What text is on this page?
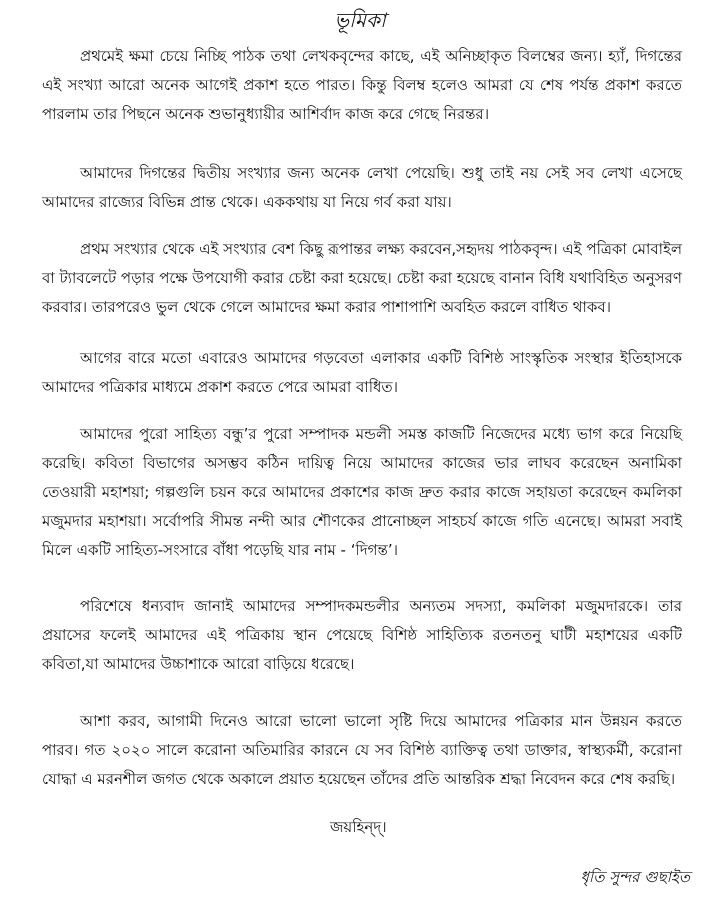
ভূমিকা

প্রথমেই ক্ষমা চেয়ে নিচ্ছি পাঠক তথা লেখকবৃন্দের কাছে, এই অনিচ্ছাকৃত বিলম্বের জন্য। হ্যাঁ, দিগন্তের এই সংখ্যা আরো অনেক আগেই প্রকাশ হতে পারত। কিন্তু বিলম্ব হলেও আমরা যে শেষ পর্যন্ত প্রকাশ করতে পারলাম তার পিছনে অনেক শুভানুধ্যায়ীর আশির্বাদ কাজ করে গেছে নিরন্তর।

আমাদের দিগন্তের দ্বিতীয় সংখ্যার জন্য অনেক লেখা পেয়েছি। শুধু তাই নয় সেই সব লেখা এসেছে আমাদের রাজ্যের বিভিন্ন প্রান্ত থেকে। এককথায় যা নিয়ে গর্ব করা যায়।

প্রথম সংখ্যার থেকে এই সংখ্যার বেশ কিছু রূপান্তর লক্ষ্য করবেন,সহৃদয় পাঠকবৃন্দ। এই পত্রিকা মোবাইল বা ট্যাবলেটে পড়ার পক্ষে উপযোগী করার চেষ্টা করা হয়েছে। চেষ্টা করা হয়েছে বানান বিধি যথাবিহিত অনুসরণ করবার। তারপরেও ভুল থেকে গেলে আমাদের ক্ষমা করার পাশাপাশি অবহিত করলে বাধিত থাকব।

আগের বারে মতো এবারেও আমাদের গড়বেতা এলাকার একটি বিশিষ্ঠ সাংস্কৃতিক সংস্থার ইতিহাসকে আমাদের পত্রিকার মাধ্যমে প্রকাশ করতে পেরে আমরা বাধিত।

আমাদের পুরো সাহিত্য বন্ধু’র পুরো সম্পাদক মন্ডলী সমস্ত কাজটি নিজেদের মধ্যে ভাগ করে নিয়েছি করেছি। কবিতা বিভাগের অসম্ভব কঠিন দায়িত্ব নিয়ে আমাদের কাজের ভার লাঘব করেছেন অনামিকা তেওয়ারী মহাশয়া; গল্পগুলি চয়ন করে আমাদের প্রকাশের কাজ দ্রুত করার কাজে সহায়তা করেছেন কমলিকা মজুমদার মহাশয়া। সর্বোপরি সীমন্ত নন্দী আর শৌণকের প্রানোচ্ছল সাহচর্য কাজে গতি এনেছে। আমরা সবাই মিলে একটি সাহিত্য-সংসারে বাঁধা পড়েছি যার নাম - ‘দিগন্ত’।

পরিশেষে ধন্যবাদ জানাই আমাদের সম্পাদকমন্ডলীর অন্যতম সদস্যা, কমলিকা মজুমদারকে। তার প্রয়াসের ফলেই আমাদের এই পত্রিকায় স্থান পেয়েছে বিশিষ্ঠ সাহিত্যিক রতনতনু ঘাটী মহাশয়ের একটি কবিতা,যা আমাদের উচ্চাশাকে আরো বাড়িয়ে ধরেছে।

আশা করব, আগামী দিনেও আরো ভালো ভালো সৃষ্টি দিয়ে আমাদের পত্রিকার মান উন্নয়ন করতে পারব। গত ২০২০ সালে করোনা অতিমারির কারনে যে সব বিশিষ্ঠ ব্যাক্তিত্ব তথা ডাক্তার, স্বাস্থ্যকর্মী, করোনা যোদ্ধা এ মরনশীল জগত থেকে অকালে প্রয়াত হয়েছেন তাঁদের প্রতি আন্তরিক শ্রদ্ধা নিবেদন করে শেষ করছি।

জয়হিন্দ্।
ধৃতি সুন্দর গুছাইত
